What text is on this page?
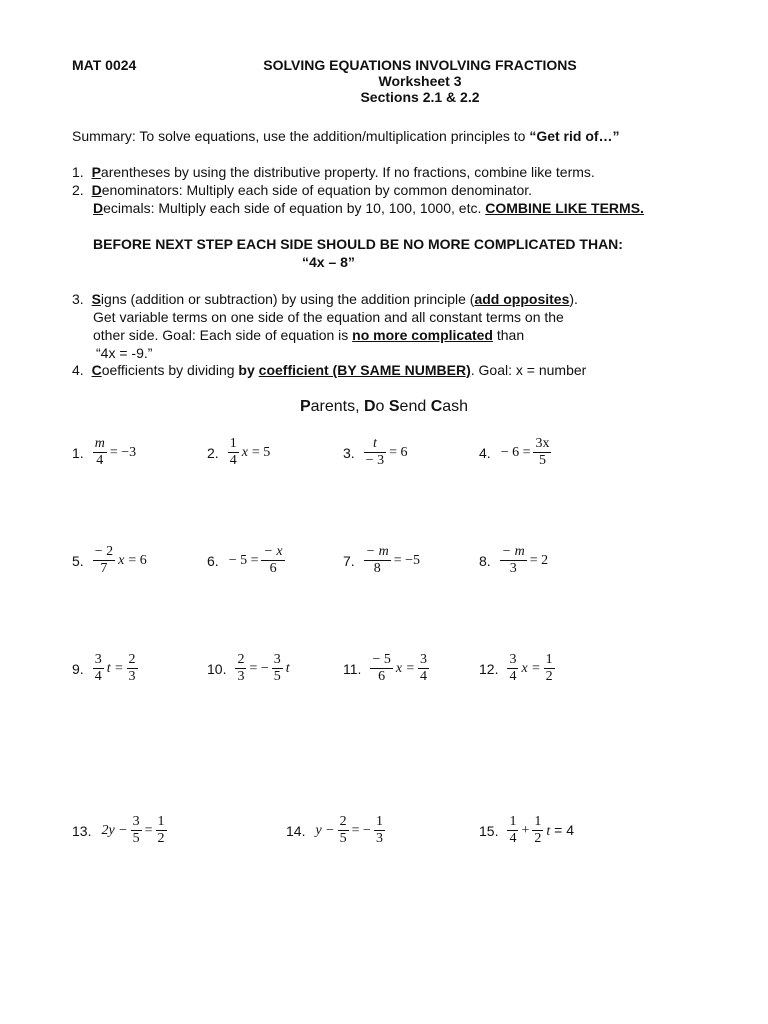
MAT 0024	SOLVING EQUATIONS INVOLVING FRACTIONS
Worksheet 3
Sections 2.1 & 2.2
Summary: To solve equations, use the addition/multiplication principles to “Get rid of…”
1. Parentheses by using the distributive property. If no fractions, combine like terms.
2. Denominators: Multiply each side of equation by common denominator.
Decimals: Multiply each side of equation by 10, 100, 1000, etc. COMBINE LIKE TERMS.
BEFORE NEXT STEP EACH SIDE SHOULD BE NO MORE COMPLICATED THAN:
“4x – 8”
3. Signs (addition or subtraction) by using the addition principle (add opposites).
Get variable terms on one side of the equation and all constant terms on the
other side. Goal: Each side of equation is no more complicated than
“4x = -9.”
4. Coefficients by dividing by coefficient (BY SAME NUMBER). Goal: x = number
Parents, Do Send Cash
1. $\frac{m}{4} = -3$	2. $\frac{1}{4}$ x = 5	3. $\frac{t}{- 3} = 6$	4. − $6 = \frac{3x}{5}$
5. $\frac{- 2}{7}$ x = 6	6. − $5 = \frac{- x}{6}$	7. $\frac{- m}{8} = -5$	8. $\frac{- m}{3} = 2$
9. $\frac{3}{4}$ $t = \frac{2}{3}$	10. $\frac{2}{3}$ = − $\frac{3}{5}$ t	11. $\frac{- 5}{6}$ $x = \frac{3}{4}$	12. $\frac{3}{4}$ $x = \frac{1}{2}$
13. $2y - \frac{3}{5} = \frac{1}{2}$	14. $y - \frac{2}{5}$ = − $\frac{1}{3}$	15. $\frac{1}{4} + \frac{1}{2}$ t = 4
